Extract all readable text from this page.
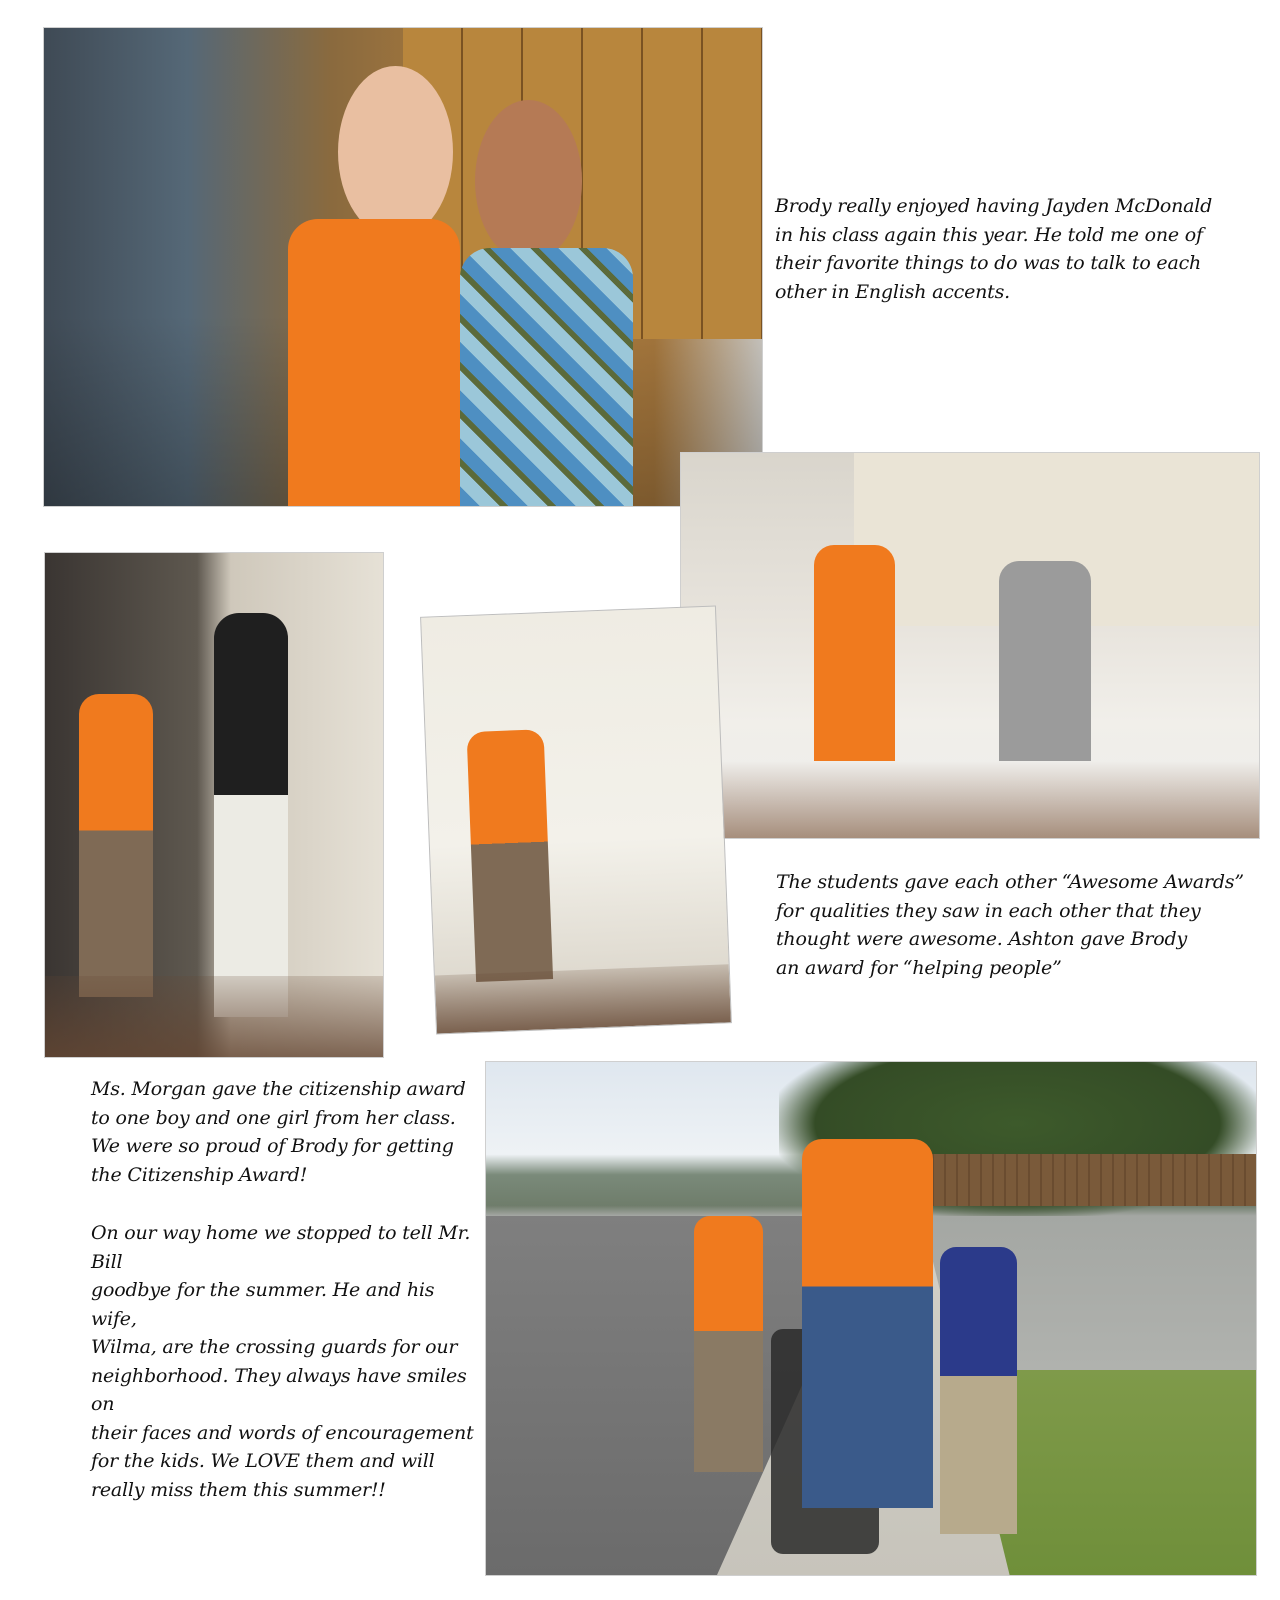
Brody really enjoyed having Jayden McDonald
in his class again this year. He told me one of
their favorite things to do was to talk to each
other in English accents.
The students gave each other “Awesome Awards”
for qualities they saw in each other that they
thought were awesome. Ashton gave Brody
an award for “helping people”
Ms. Morgan gave the citizenship award
to one boy and one girl from her class.
We were so proud of Brody for getting
the Citizenship Award!
On our way home we stopped to tell Mr. Bill
goodbye for the summer. He and his wife,
Wilma, are the crossing guards for our
neighborhood. They always have smiles on
their faces and words of encouragement
for the kids. We LOVE them and will
really miss them this summer!!
